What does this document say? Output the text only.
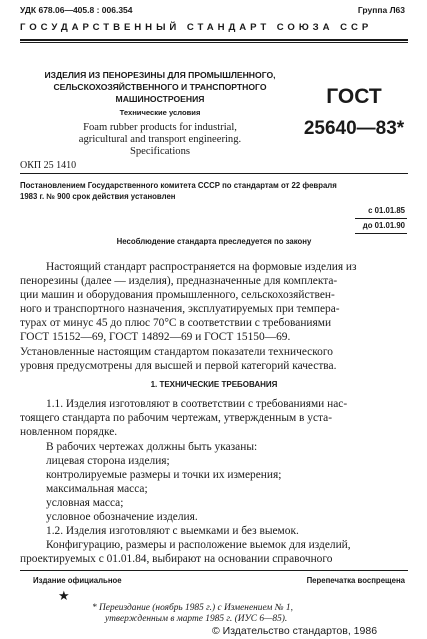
УДК 678.06—405.8 : 006.354	Группа Л63
ГОСУДАРСТВЕННЫЙ СТАНДАРТ СОЮЗА ССР
ИЗДЕЛИЯ ИЗ ПЕНОРЕЗИНЫ ДЛЯ ПРОМЫШЛЕННОГО,
СЕЛЬСКОХОЗЯЙСТВЕННОГО И ТРАНСПОРТНОГО
МАШИНОСТРОЕНИЯ
Технические условия
Foam rubber products for industrial,
agricultural and transport engineering.
Specifications
ОКП 25 1410
ГОСТ
25640—83*
Постановлением Государственного комитета СССР по стандартам от 22 февраля
1983 г. № 900 срок действия установлен
с 01.01.85
до 01.01.90
Несоблюдение стандарта преследуется по закону
Настоящий стандарт распространяется на формовые изделия из
пенорезины (далее — изделия), предназначенные для комплекта-
ции машин и оборудования промышленного, сельскохозяйствен-
ного и транспортного назначения, эксплуатируемых при темпера-
турах от минус 45 до плюс 70°С в соответствии с требованиями
ГОСТ 15152—69, ГОСТ 14892—69 и ГОСТ 15150—69.
Установленные настоящим стандартом показатели технического
уровня предусмотрены для высшей и первой категорий качества.
1. ТЕХНИЧЕСКИЕ ТРЕБОВАНИЯ
1.1. Изделия изготовляют в соответствии с требованиями нас-
тоящего стандарта по рабочим чертежам, утвержденным в уста-
новленном порядке.
В рабочих чертежах должны быть указаны:
лицевая сторона изделия;
контролируемые размеры и точки их измерения;
максимальная масса;
условная масса;
условное обозначение изделия.
1.2. Изделия изготовляют с выемками и без выемок.
Конфигурацию, размеры и расположение выемок для изделий,
проектируемых с 01.01.84, выбирают на основании справочного
Издание официальное	Перепечатка воспрещена
★
* Переиздание (ноябрь 1985 г.) с Изменением № 1,
утвержденным в марте 1985 г. (ИУС 6—85).
© Издательство стандартов, 1986
